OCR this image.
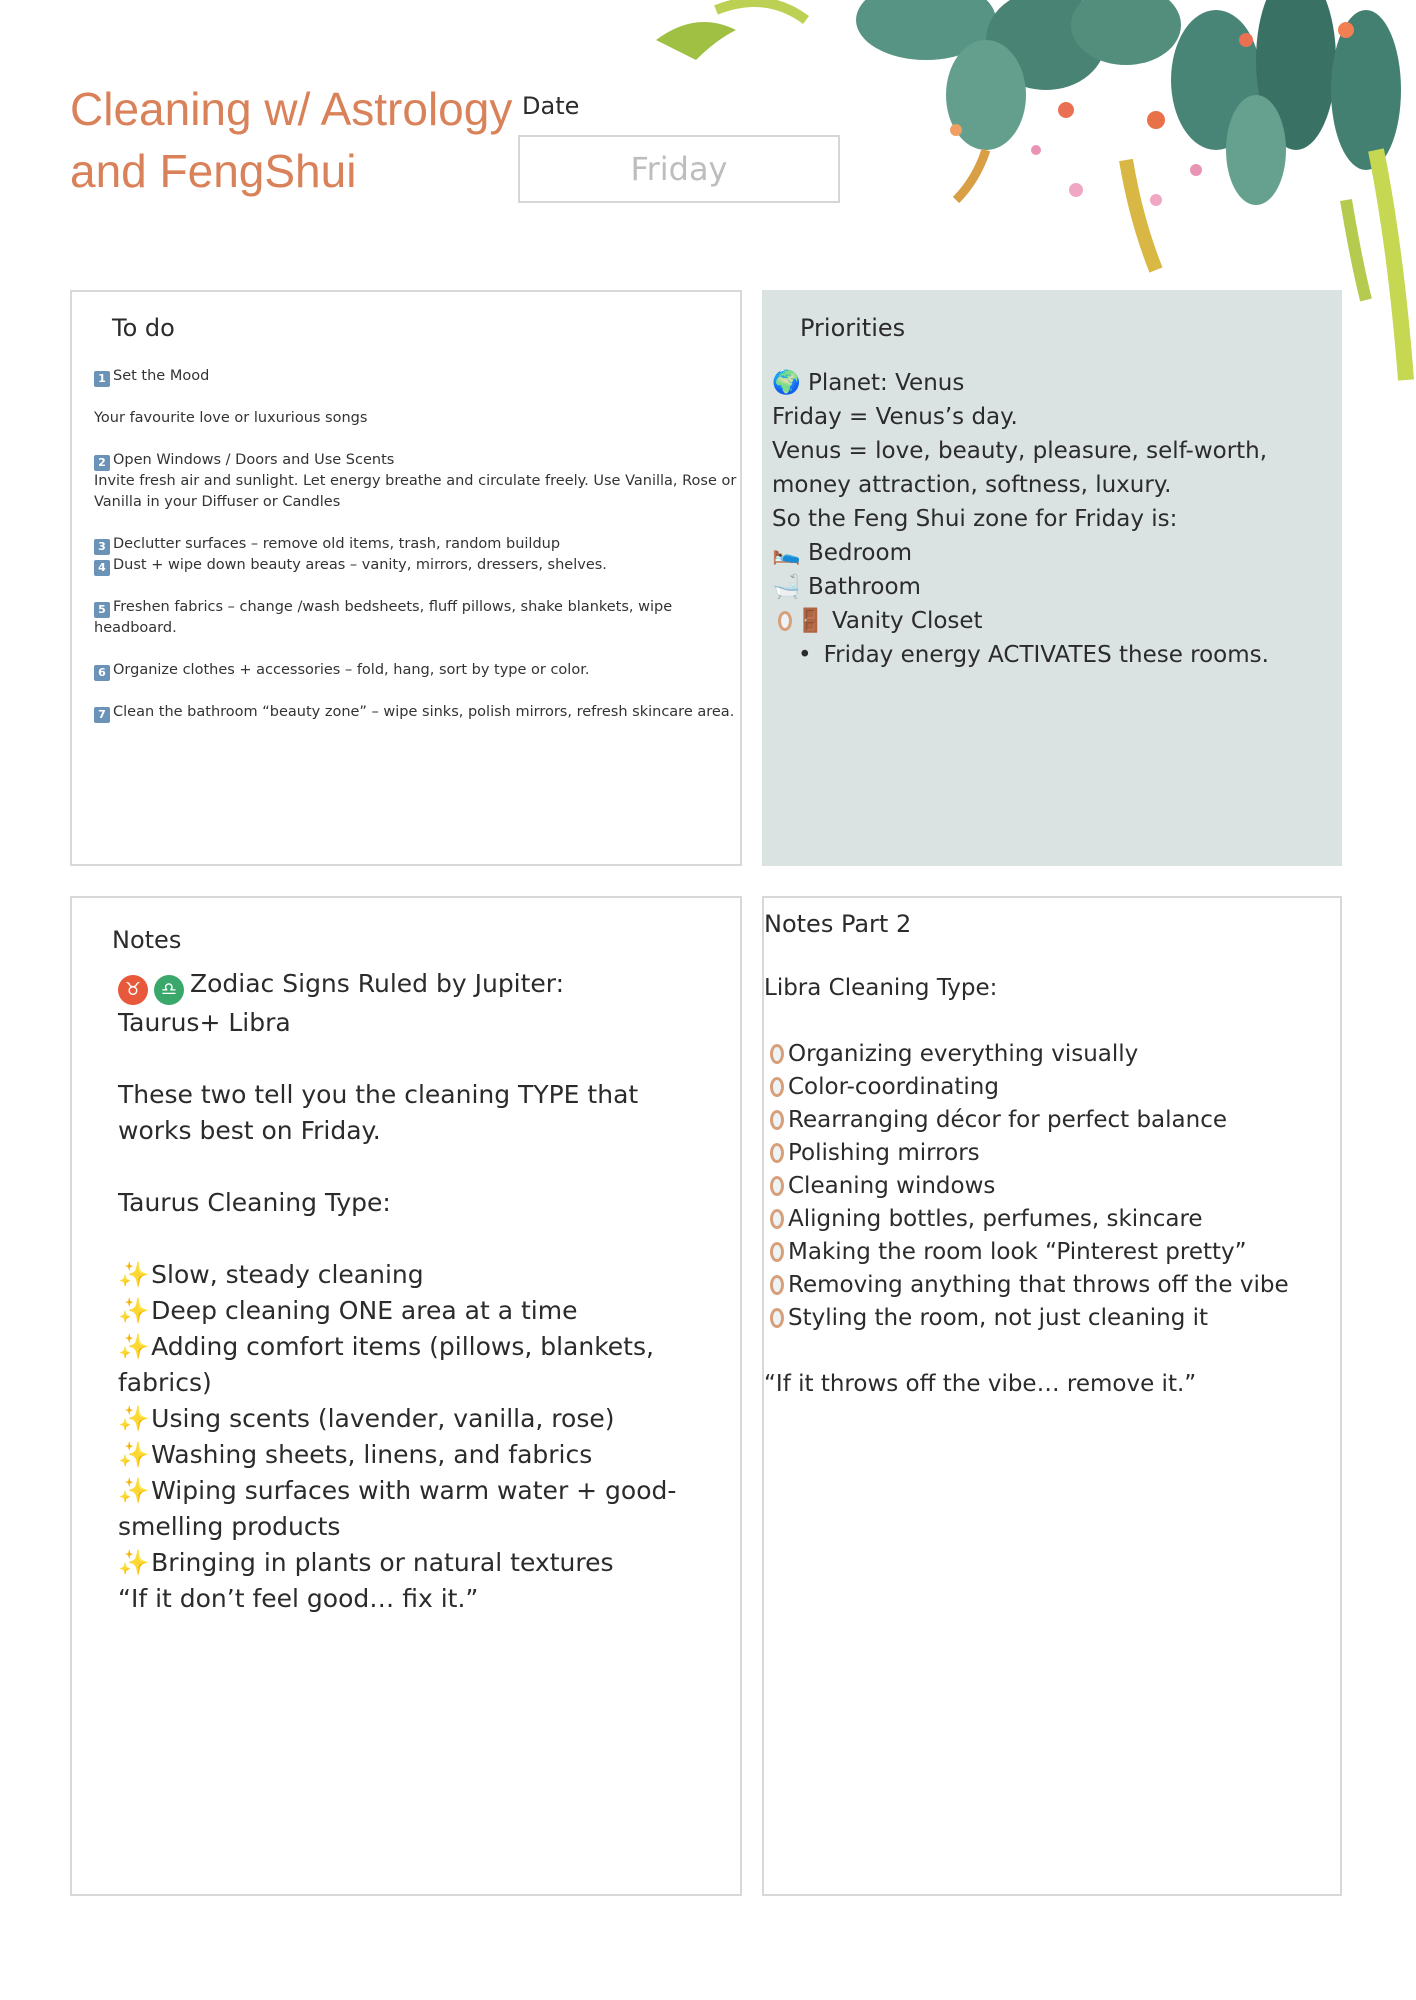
Cleaning w/ Astrology
and FengShui
Date
Friday
To do
1 Set the Mood
Your favourite love or luxurious songs
2 Open Windows / Doors and Use Scents
Invite fresh air and sunlight. Let energy breathe and circulate freely. Use Vanilla, Rose or Vanilla in your Diffuser or Candles
3 Declutter surfaces – remove old items, trash, random buildup
4 Dust + wipe down beauty areas – vanity, mirrors, dressers, shelves.
5 Freshen fabrics – change /wash bedsheets, fluff pillows, shake blankets, wipe headboard.
6 Organize clothes + accessories – fold, hang, sort by type or color.
7 Clean the bathroom “beauty zone” – wipe sinks, polish mirrors, refresh skincare area.
Priorities
🌍 Planet: Venus
Friday = Venus’s day.
Venus = love, beauty, pleasure, self-worth,
money attraction, softness, luxury.
So the Feng Shui zone for Friday is:
🛌 Bedroom
🛁 Bathroom
🚪 Vanity Closet
• Friday energy ACTIVATES these rooms.
Notes
♉ ♎ Zodiac Signs Ruled by Jupiter:
Taurus+ Libra
These two tell you the cleaning TYPE that works best on Friday.
Taurus Cleaning Type:
✨Slow, steady cleaning
✨Deep cleaning ONE area at a time
✨Adding comfort items (pillows, blankets, fabrics)
✨Using scents (lavender, vanilla, rose)
✨Washing sheets, linens, and fabrics
✨Wiping surfaces with warm water + good-smelling products
✨Bringing in plants or natural textures
“If it don’t feel good… fix it.”
Notes Part 2
Libra Cleaning Type:
Organizing everything visually
Color-coordinating
Rearranging décor for perfect balance
Polishing mirrors
Cleaning windows
Aligning bottles, perfumes, skincare
Making the room look “Pinterest pretty”
Removing anything that throws off the vibe
Styling the room, not just cleaning it
“If it throws off the vibe… remove it.”
